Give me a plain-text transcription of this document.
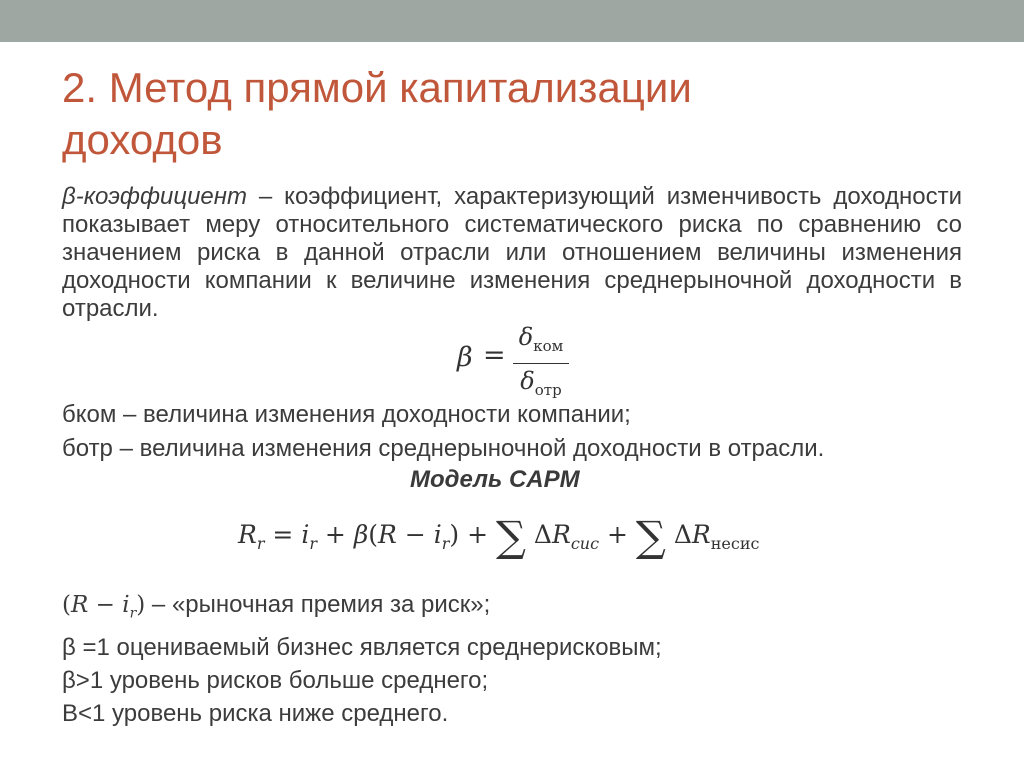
2. Метод прямой капитализации
доходов

β-коэффициент – коэффициент, характеризующий изменчивость доходности показывает меру относительного систематического риска по сравнению со значением риска в данной отрасли или отношением величины изменения доходности компании к величине изменения среднерыночной доходности в отрасли.

β =
$\delta_{ком}$
$\delta_{отр}$
бком – величина изменения доходности компании;
ботр – величина изменения среднерыночной доходности в отрасли.
Модель CAPM
$R_r = i_r + \beta(R - i_r)$ + ∑ $\Delta R_{сис}$ + ∑ $\Delta R_{несис}$
$(R - i_r)$ – «рыночная премия за риск»;
β =1 оцениваемый бизнес является среднерисковым;
β>1 уровень рисков больше среднего;
В<1 уровень риска ниже среднего.
